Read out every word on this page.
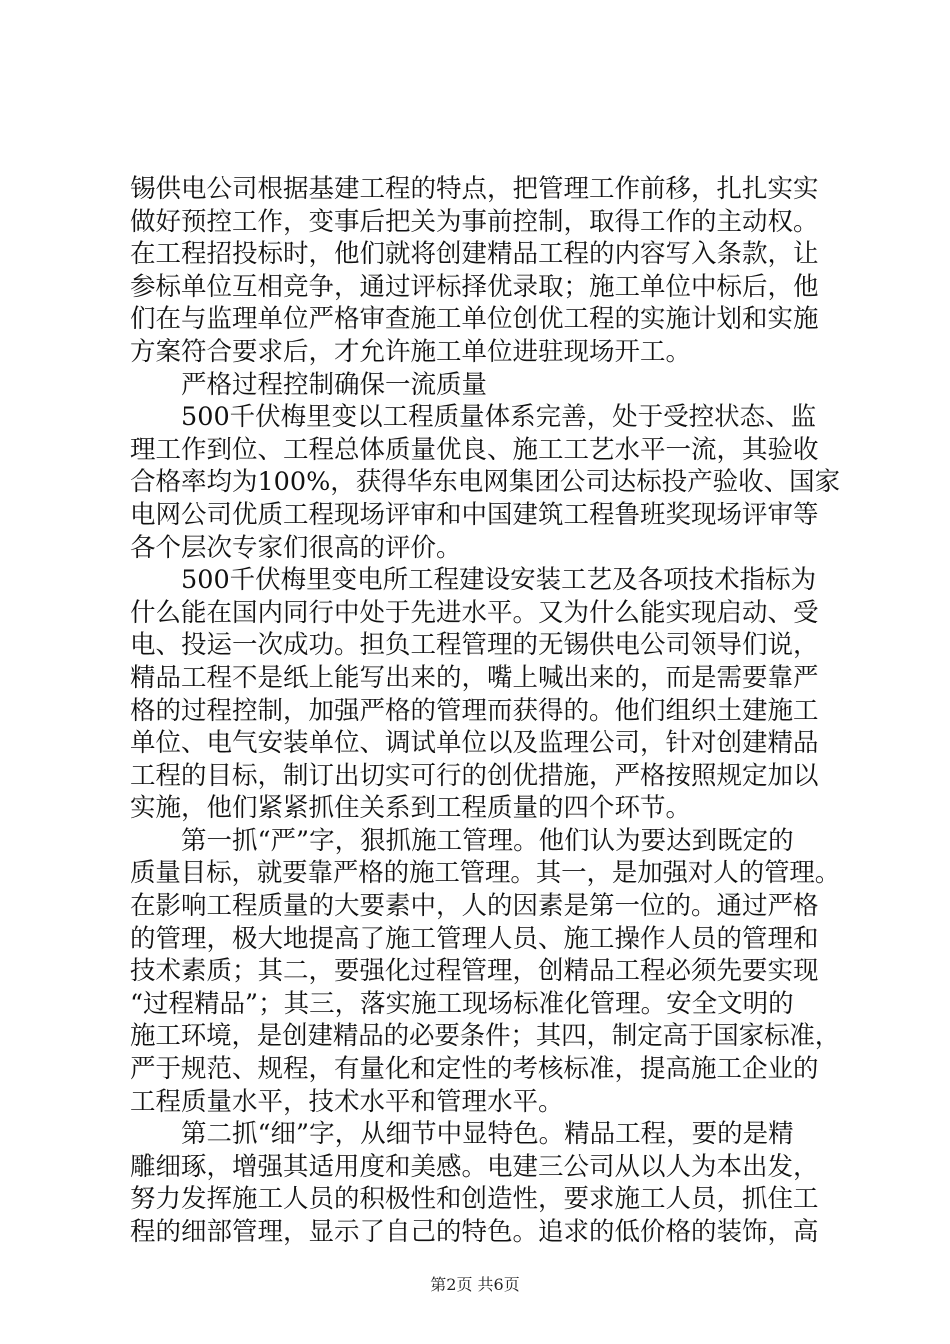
锡供电公司根据基建工程的特点，把管理工作前移，扎扎实实
做好预控工作，变事后把关为事前控制，取得工作的主动权。
在工程招投标时，他们就将创建精品工程的内容写入条款，让
参标单位互相竞争，通过评标择优录取；施工单位中标后，他
们在与监理单位严格审查施工单位创优工程的实施计划和实施
方案符合要求后，才允许施工单位进驻现场开工。
严格过程控制确保一流质量
500千伏梅里变以工程质量体系完善，处于受控状态、监
理工作到位、工程总体质量优良、施工工艺水平一流，其验收
合格率均为100%，获得华东电网集团公司达标投产验收、国家
电网公司优质工程现场评审和中国建筑工程鲁班奖现场评审等
各个层次专家们很高的评价。
500千伏梅里变电所工程建设安装工艺及各项技术指标为
什么能在国内同行中处于先进水平。又为什么能实现启动、受
电、投运一次成功。担负工程管理的无锡供电公司领导们说，
精品工程不是纸上能写出来的，嘴上喊出来的，而是需要靠严
格的过程控制，加强严格的管理而获得的。他们组织土建施工
单位、电气安装单位、调试单位以及监理公司，针对创建精品
工程的目标，制订出切实可行的创优措施，严格按照规定加以
实施，他们紧紧抓住关系到工程质量的四个环节。
第一抓“严”字，狠抓施工管理。他们认为要达到既定的
质量目标，就要靠严格的施工管理。其一，是加强对人的管理。
在影响工程质量的大要素中，人的因素是第一位的。通过严格
的管理，极大地提高了施工管理人员、施工操作人员的管理和
技术素质；其二，要强化过程管理，创精品工程必须先要实现
“过程精品”；其三，落实施工现场标准化管理。安全文明的
施工环境，是创建精品的必要条件；其四，制定高于国家标准，
严于规范、规程，有量化和定性的考核标准，提高施工企业的
工程质量水平，技术水平和管理水平。
第二抓“细”字，从细节中显特色。精品工程，要的是精
雕细琢，增强其适用度和美感。电建三公司从以人为本出发，
努力发挥施工人员的积极性和创造性，要求施工人员，抓住工
程的细部管理，显示了自己的特色。追求的低价格的装饰，高
第2页 共6页
